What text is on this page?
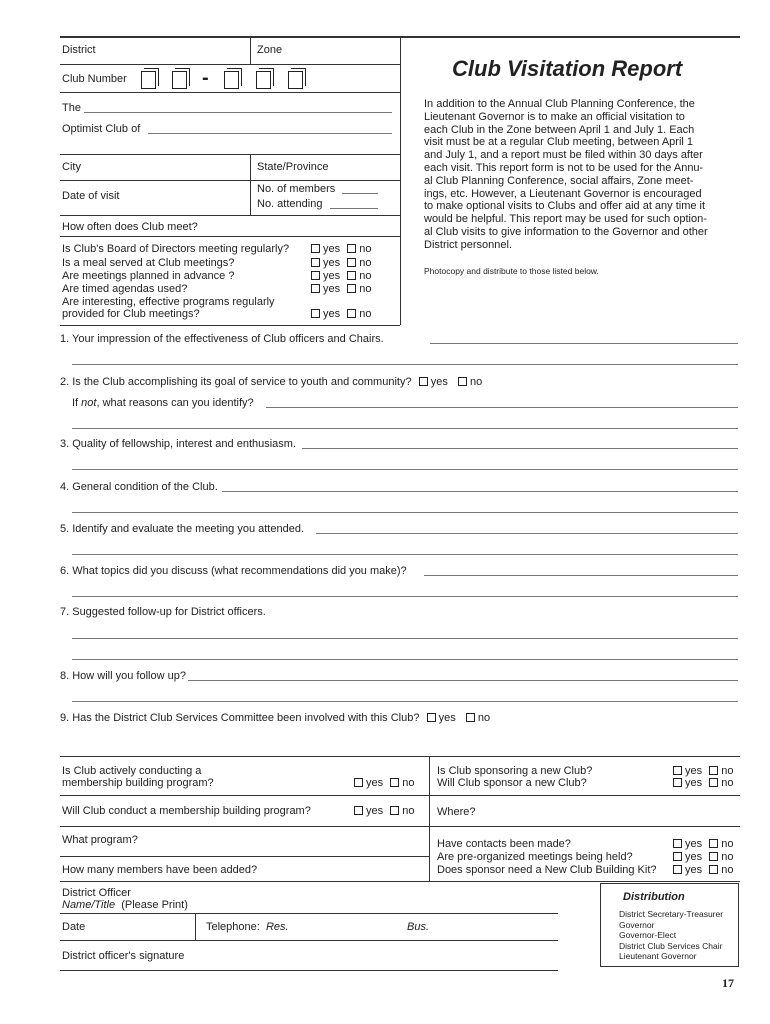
District	Zone
Club Number	-	Club Visitation Report
The
Optimist Club of
City	State/Province
Date of visit
No. of members
No. attending
How often does Club meet?
Is Club's Board of Directors meeting regularly?	yes no
Is a meal served at Club meetings?	yes no
Are meetings planned in advance ?	yes no
Are timed agendas used?	yes no
Are interesting, effective programs regularly
provided for Club meetings?	yes no
In addition to the Annual Club Planning Conference, the
Lieutenant Governor is to make an official visitation to
each Club in the Zone between April 1 and July 1. Each
visit must be at a regular Club meeting, between April 1
and July 1, and a report must be filed within 30 days after
each visit. This report form is not to be used for the Annu-
al Club Planning Conference, social affairs, Zone meet-
ings, etc. However, a Lieutenant Governor is encouraged
to make optional visits to Clubs and offer aid at any time it
would be helpful. This report may be used for such option-
al Club visits to give information to the Governor and other
District personnel.
Photocopy and distribute to those listed below.
1. Your impression of the effectiveness of Club officers and Chairs.
2. Is the Club accomplishing its goal of service to youth and community? yes no
If not, what reasons can you identify?
3. Quality of fellowship, interest and enthusiasm.
4. General condition of the Club.
5. Identify and evaluate the meeting you attended.
6. What topics did you discuss (what recommendations did you make)?
7. Suggested follow-up for District officers.
8. How will you follow up?
9. Has the District Club Services Committee been involved with this Club? yes no
Is Club actively conducting a
membership building program?	yes no
Is Club sponsoring a new Club?	yes no
Will Club sponsor a new Club?	yes no
Will Club conduct a membership building program?	yes no Where?
What program?	Have contacts been made?	yes no
Are pre-organized meetings being held?	yes no
How many members have been added?	Does sponsor need a New Club Building Kit?	yes no
District Officer
Name/Title (Please Print)
Date	Telephone: Res.	Bus.
District officer's signature
Distribution
District Secretary-Treasurer
Governor
Governor-Elect
District Club Services Chair
Lieutenant Governor
17
